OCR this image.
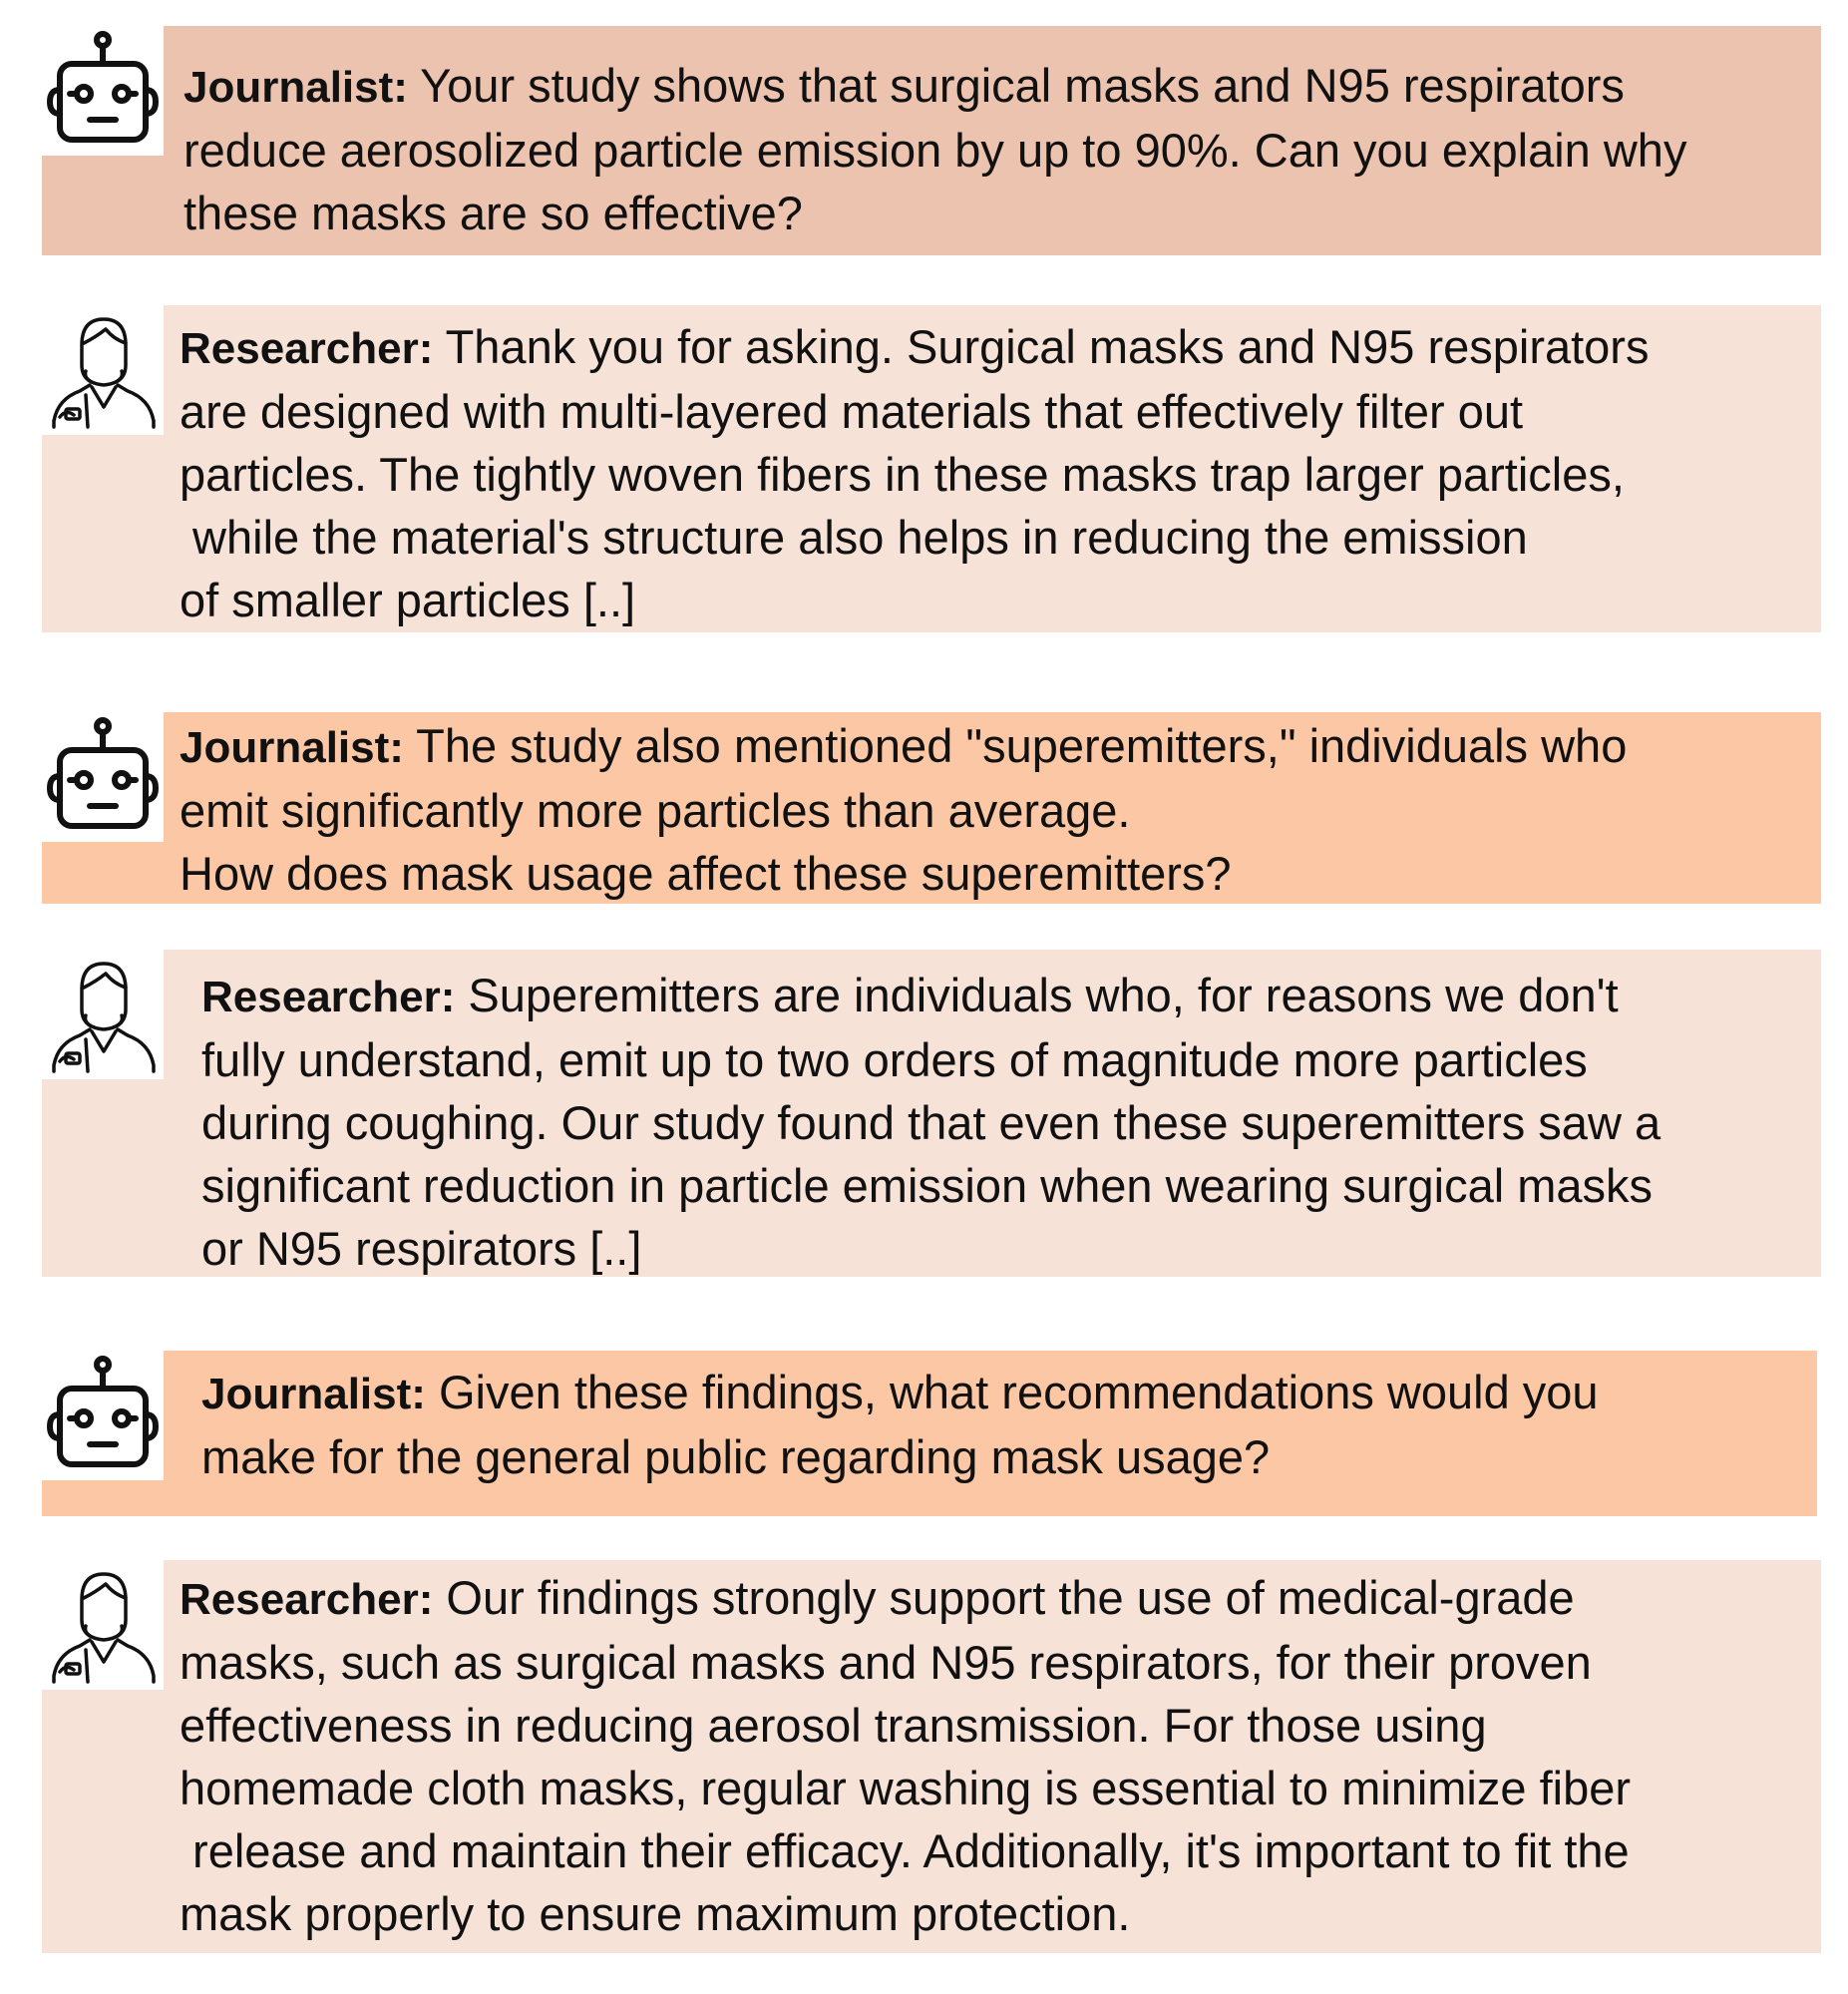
Journalist: Your study shows that surgical masks and N95 respirators
reduce aerosolized particle emission by up to 90%. Can you explain why
these masks are so effective?
Researcher: Thank you for asking. Surgical masks and N95 respirators
are designed with multi-layered materials that effectively filter out
particles. The tightly woven fibers in these masks trap larger particles,
while the material's structure also helps in reducing the emission
of smaller particles [..]
Journalist: The study also mentioned "superemitters," individuals who
emit significantly more particles than average.
How does mask usage affect these superemitters?
Researcher: Superemitters are individuals who, for reasons we don't
fully understand, emit up to two orders of magnitude more particles
during coughing. Our study found that even these superemitters saw a
significant reduction in particle emission when wearing surgical masks
or N95 respirators [..]
Journalist: Given these findings, what recommendations would you
make for the general public regarding mask usage?
Researcher: Our findings strongly support the use of medical-grade
masks, such as surgical masks and N95 respirators, for their proven
effectiveness in reducing aerosol transmission. For those using
homemade cloth masks, regular washing is essential to minimize fiber
release and maintain their efficacy. Additionally, it's important to fit the
mask properly to ensure maximum protection.
